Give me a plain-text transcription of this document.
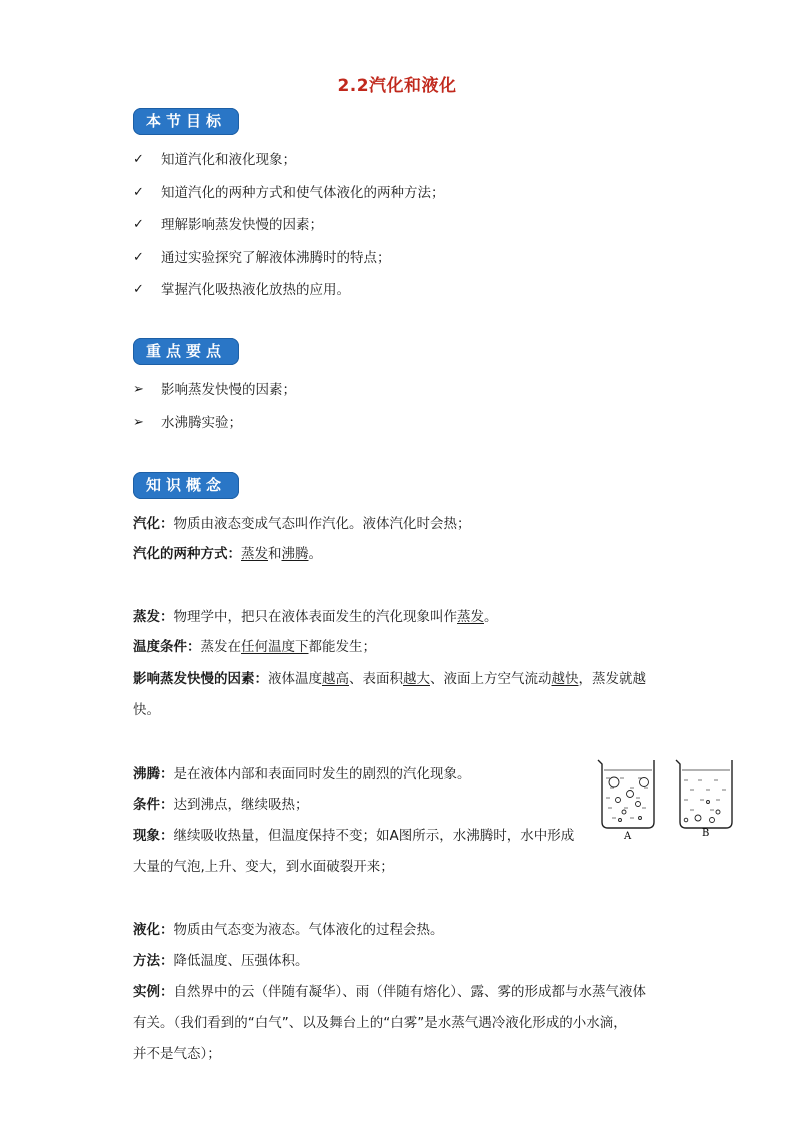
2.2汽化和液化
本节目标
✓	知道汽化和液化现象；
✓	知道汽化的两种方式和使气体液化的两种方法；
✓	理解影响蒸发快慢的因素；
✓	通过实验探究了解液体沸腾时的特点；
✓	掌握汽化吸热液化放热的应用。
重点要点
➢	影响蒸发快慢的因素；
➢	水沸腾实验；
知识概念
汽化：物质由液态变成气态叫作汽化。液体汽化时会热；
汽化的两种方式：蒸发和沸腾。
蒸发：物理学中，把只在液体表面发生的汽化现象叫作蒸发。
温度条件：蒸发在任何温度下都能发生；
影响蒸发快慢的因素：液体温度越高、表面积越大、液面上方空气流动越快，蒸发就越
快。
沸腾：是在液体内部和表面同时发生的剧烈的汽化现象。
条件：达到沸点，继续吸热；
现象：继续吸收热量，但温度保持不变；如A图所示，水沸腾时，水中形成
大量的气泡,上升、变大，到水面破裂开来；
A	B
液化：物质由气态变为液态。气体液化的过程会热。
方法：降低温度、压强体积。
实例：自然界中的云（伴随有凝华）、雨（伴随有熔化）、露、雾的形成都与水蒸气液体
有关。（我们看到的“白气”、以及舞台上的“白雾”是水蒸气遇冷液化形成的小水滴，
并不是气态）；
